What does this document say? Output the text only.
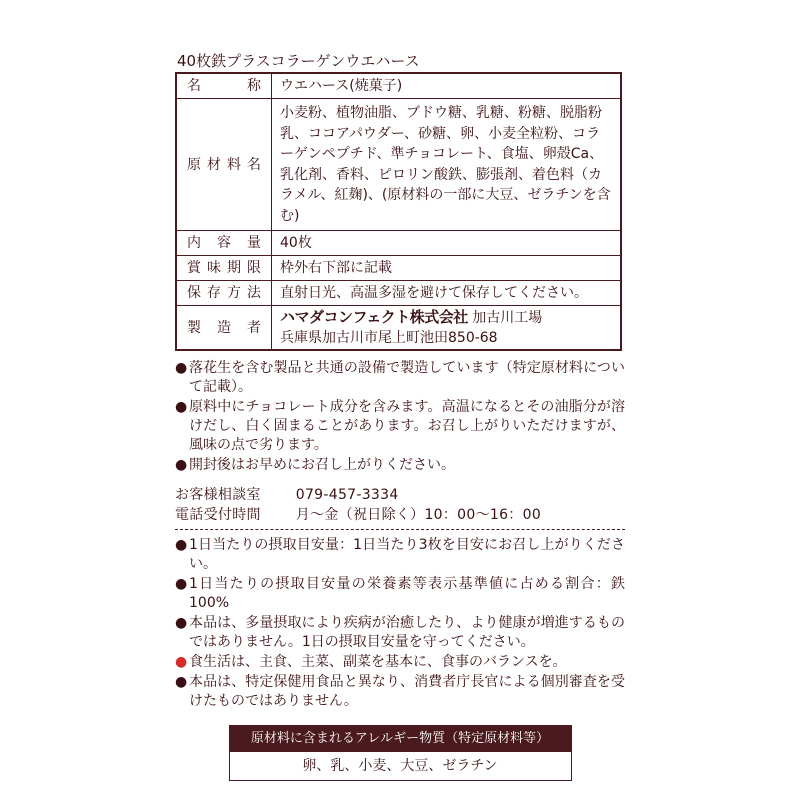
40枚鉄プラスコラーゲンウエハース
名　　称	ウエハース(焼菓子)
原材料名	小麦粉、植物油脂、ブドウ糖、乳糖、粉糖、脱脂粉乳、ココアパウダー、砂糖、卵、小麦全粒粉、コラーゲンペプチド、準チョコレート、食塩、卵殻Ca、乳化剤、香料、ピロリン酸鉄、膨張剤、着色料（カラメル、紅麹)、(原材料の一部に大豆、ゼラチンを含む)
内容量	40枚
賞味期限	枠外右下部に記載
保存方法	直射日光、高温多湿を避けて保存してください。
製造者	ハマダコンフェクト株式会社 加古川工場
兵庫県加古川市尾上町池田850-68
● 落花生を含む製品と共通の設備で製造しています（特定原材料について記載）。
● 原料中にチョコレート成分を含みます。高温になるとその油脂分が溶けだし、白く固まることがあります。お召し上がりいただけますが、風味の点で劣ります。
● 開封後はお早めにお召し上がりください。
お客様相談室 079-457-3334
電話受付時間 月〜金（祝日除く）10：00〜16：00
● 1日当たりの摂取目安量：1日当たり3枚を目安にお召し上がりください。
● 1日当たりの摂取目安量の栄養素等表示基準値に占める割合：鉄100%
● 本品は、多量摂取により疾病が治癒したり、より健康が増進するものではありません。1日の摂取目安量を守ってください。
● 食生活は、主食、主菜、副菜を基本に、食事のバランスを。
● 本品は、特定保健用食品と異なり、消費者庁長官による個別審査を受けたものではありません。
原材料に含まれるアレルギー物質（特定原材料等）
卵、乳、小麦、大豆、ゼラチン
